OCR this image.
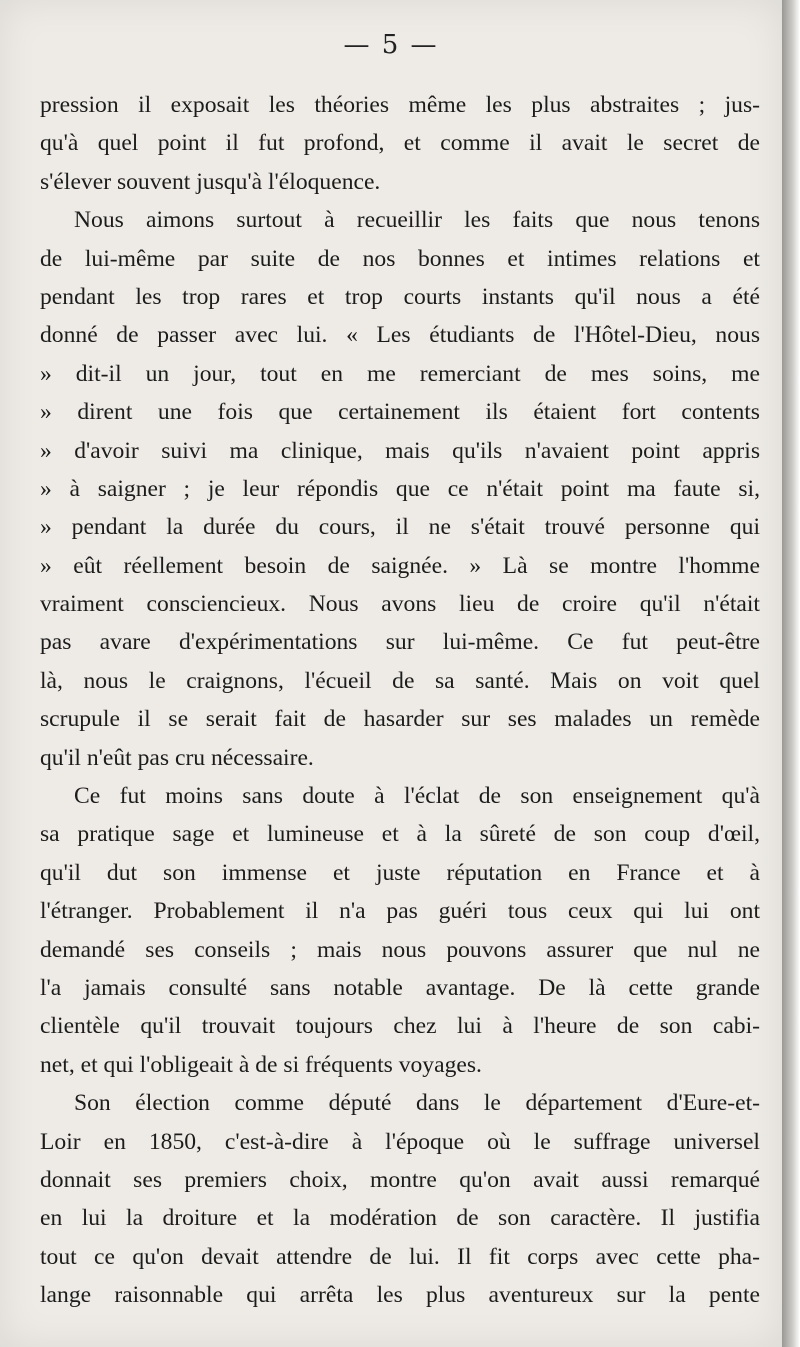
— 5 —
pression il exposait les théories même les plus abstraites ; jus-
qu'à quel point il fut profond, et comme il avait le secret de
s'élever souvent jusqu'à l'éloquence.
Nous aimons surtout à recueillir les faits que nous tenons
de lui-même par suite de nos bonnes et intimes relations et
pendant les trop rares et trop courts instants qu'il nous a été
donné de passer avec lui. « Les étudiants de l'Hôtel-Dieu, nous
» dit-il un jour, tout en me remerciant de mes soins, me
» dirent une fois que certainement ils étaient fort contents
» d'avoir suivi ma clinique, mais qu'ils n'avaient point appris
» à saigner ; je leur répondis que ce n'était point ma faute si,
» pendant la durée du cours, il ne s'était trouvé personne qui
» eût réellement besoin de saignée. » Là se montre l'homme
vraiment consciencieux. Nous avons lieu de croire qu'il n'était
pas avare d'expérimentations sur lui-même. Ce fut peut-être
là, nous le craignons, l'écueil de sa santé. Mais on voit quel
scrupule il se serait fait de hasarder sur ses malades un remède
qu'il n'eût pas cru nécessaire.
Ce fut moins sans doute à l'éclat de son enseignement qu'à
sa pratique sage et lumineuse et à la sûreté de son coup d'œil,
qu'il dut son immense et juste réputation en France et à
l'étranger. Probablement il n'a pas guéri tous ceux qui lui ont
demandé ses conseils ; mais nous pouvons assurer que nul ne
l'a jamais consulté sans notable avantage. De là cette grande
clientèle qu'il trouvait toujours chez lui à l'heure de son cabi-
net, et qui l'obligeait à de si fréquents voyages.
Son élection comme député dans le département d'Eure-et-
Loir en 1850, c'est-à-dire à l'époque où le suffrage universel
donnait ses premiers choix, montre qu'on avait aussi remarqué
en lui la droiture et la modération de son caractère. Il justifia
tout ce qu'on devait attendre de lui. Il fit corps avec cette pha-
lange raisonnable qui arrêta les plus aventureux sur la pente
